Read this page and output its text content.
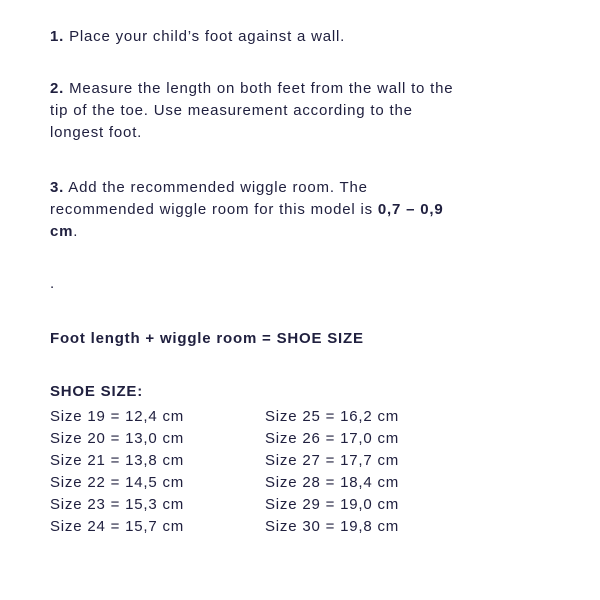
1. Place your child’s foot against a wall.

2. Measure the length on both feet from the wall to the
tip of the toe. Use measurement according to the
longest foot.

3. Add the recommended wiggle room. The
recommended wiggle room for this model is 0,7 – 0,9
cm.

.

Foot length + wiggle room = SHOE SIZE

SHOE SIZE:

Size 19 = 12,4 cm
Size 20 = 13,0 cm
Size 21 = 13,8 cm
Size 22 = 14,5 cm
Size 23 = 15,3 cm
Size 24 = 15,7 cm
Size 25 = 16,2 cm
Size 26 = 17,0 cm
Size 27 = 17,7 cm
Size 28 = 18,4 cm
Size 29 = 19,0 cm
Size 30 = 19,8 cm
